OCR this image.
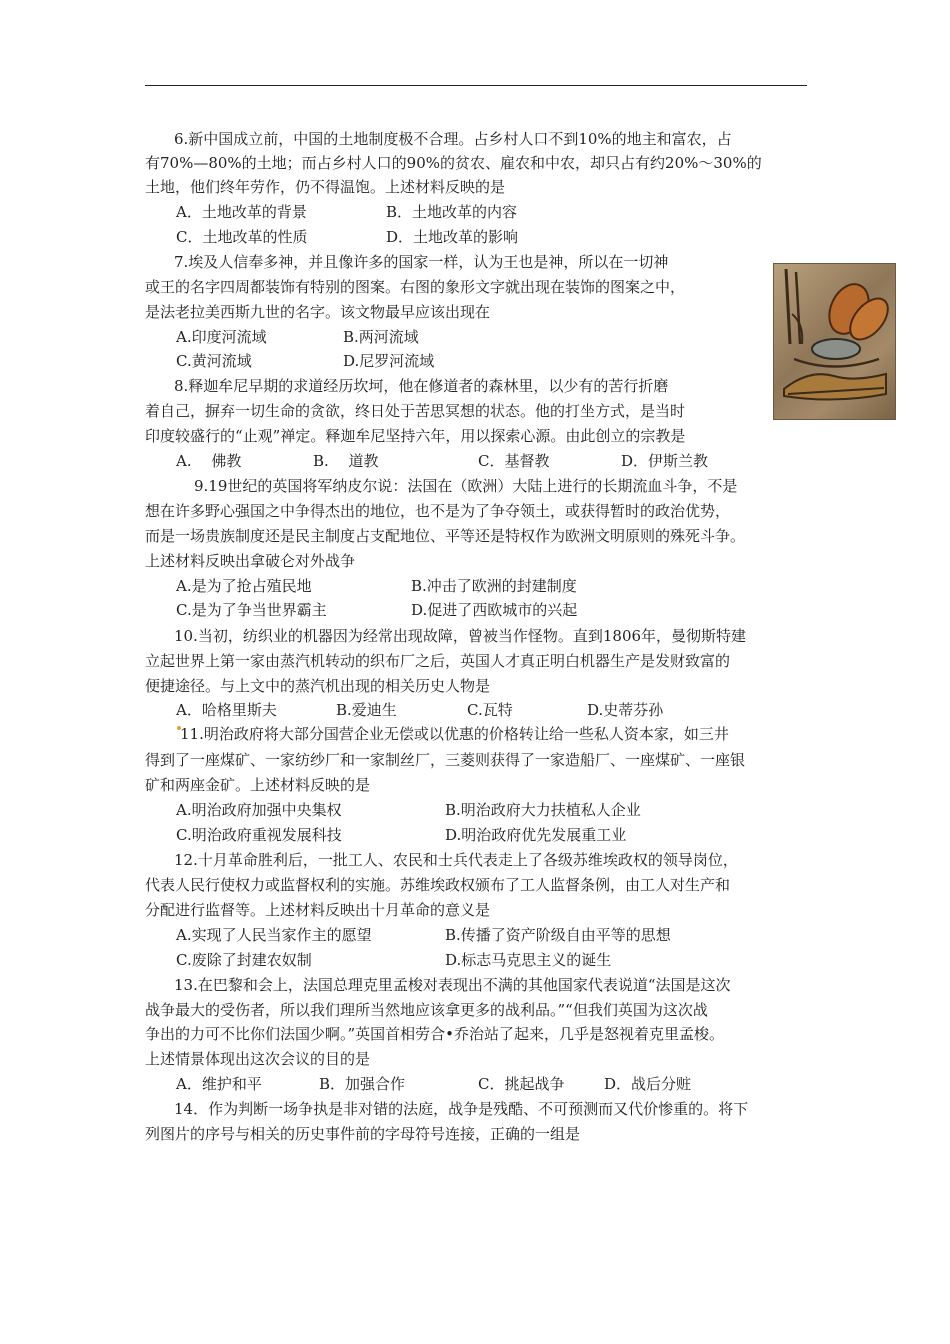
6.新中国成立前，中国的土地制度极不合理。占乡村人口不到10%的地主和富农，占
有70%—80%的土地；而占乡村人口的90%的贫农、雇农和中农，却只占有约20%～30%的
土地，他们终年劳作，仍不得温饱。上述材料反映的是
A．土地改革的背景	B．土地改革的内容
C．土地改革的性质	D．土地改革的影响
7.埃及人信奉多神，并且像许多的国家一样，认为王也是神，所以在一切神
或王的名字四周都装饰有特别的图案。右图的象形文字就出现在装饰的图案之中，
是法老拉美西斯九世的名字。该文物最早应该出现在
A.印度河流域	B.两河流域
C.黄河流域	D.尼罗河流域
8.释迦牟尼早期的求道经历坎坷，他在修道者的森林里，以少有的苦行折磨
着自己，摒弃一切生命的贪欲，终日处于苦思冥想的状态。他的打坐方式，是当时
印度较盛行的“止观”禅定。释迦牟尼坚持六年，用以探索心源。由此创立的宗教是
A.　 佛教	B.　 道教	C．基督教	D．伊斯兰教
9.19世纪的英国将军纳皮尔说：法国在（欧洲）大陆上进行的长期流血斗争，不是
想在许多野心强国之中争得杰出的地位，也不是为了争夺领土，或获得暂时的政治优势，
而是一场贵族制度还是民主制度占支配地位、平等还是特权作为欧洲文明原则的殊死斗争。
上述材料反映出拿破仑对外战争
A.是为了抢占殖民地	B.冲击了欧洲的封建制度
C.是为了争当世界霸主	D.促进了西欧城市的兴起
10.当初，纺织业的机器因为经常出现故障，曾被当作怪物。直到1806年，曼彻斯特建
立起世界上第一家由蒸汽机转动的织布厂之后，英国人才真正明白机器生产是发财致富的
便捷途径。与上文中的蒸汽机出现的相关历史人物是
A．哈格里斯夫	B.爱迪生	C.瓦特	D.史蒂芬孙
11.明治政府将大部分国营企业无偿或以优惠的价格转让给一些私人资本家，如三井
得到了一座煤矿、一家纺纱厂和一家制丝厂，三菱则获得了一家造船厂、一座煤矿、一座银
矿和两座金矿。上述材料反映的是
A.明治政府加强中央集权	B.明治政府大力扶植私人企业
C.明治政府重视发展科技	D.明治政府优先发展重工业
12.十月革命胜利后，一批工人、农民和士兵代表走上了各级苏维埃政权的领导岗位，
代表人民行使权力或监督权利的实施。苏维埃政权颁布了工人监督条例，由工人对生产和
分配进行监督等。上述材料反映出十月革命的意义是
A.实现了人民当家作主的愿望	B.传播了资产阶级自由平等的思想
C.废除了封建农奴制	D.标志马克思主义的诞生
13.在巴黎和会上，法国总理克里孟梭对表现出不满的其他国家代表说道“法国是这次
战争最大的受伤者，所以我们理所当然地应该拿更多的战利品。”“但我们英国为这次战
争出的力可不比你们法国少啊。”英国首相劳合•乔治站了起来，几乎是怒视着克里孟梭。
上述情景体现出这次会议的目的是
A．维护和平	B．加强合作	C．挑起战争	D．战后分赃
14．作为判断一场争执是非对错的法庭，战争是残酷、不可预测而又代价惨重的。将下
列图片的序号与相关的历史事件前的字母符号连接，正确的一组是
